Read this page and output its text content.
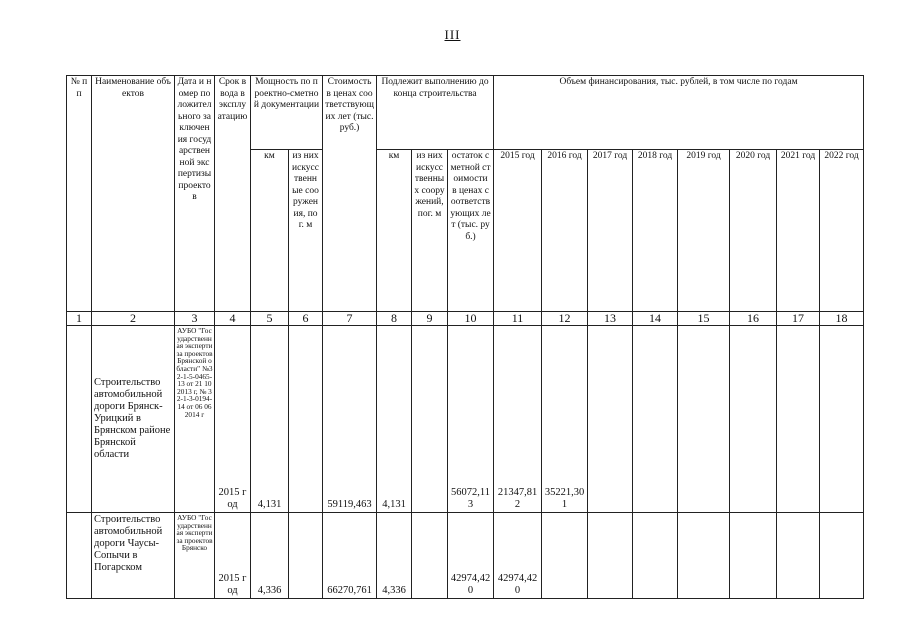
III
№ п п	Наименование объектов	Дата и номер положительного заключения государственной экспертизы проектов	Срок ввода в эксплуатацию	Мощность по проектно-сметной документации		Стоимость в ценах соответствующих лет (тыс. руб.)	Подлежит выполнению до конца строительства			Объем финансирования, тыс. рублей, в том числе по годам							
				км	из них искусственные сооружения, пог. м		км	из них искусственных сооружений, пог. м	остаток сметной стоимости в ценах соответствующих лет (тыс. руб.)	2015 год	2016 год	2017 год	2018 год	2019 год	2020 год	2021 год	2022 год
1	2	3	4	5	6	7	8	9	10	11	12	13	14	15	16	17	18
	Строительство автомобильной дороги Брянск-Урицкий в Брянском районе Брянской области	АУБО "Государственная экспертиза проектов Брянской области" №32-1-5-0465-13 от 21 10 2013 г, № 32-1-3-0194-14 от 06 06 2014 г	2015 год	4,131		59119,463	4,131		56072,113	21347,812	35221,301						

	Строительство автомобильной дороги Чаусы-Сопычи в Погарском	АУБО "Государственная экспертиза проектов Брянско	2015 год	4,336		66270,761	4,336		42974,420	42974,420							
